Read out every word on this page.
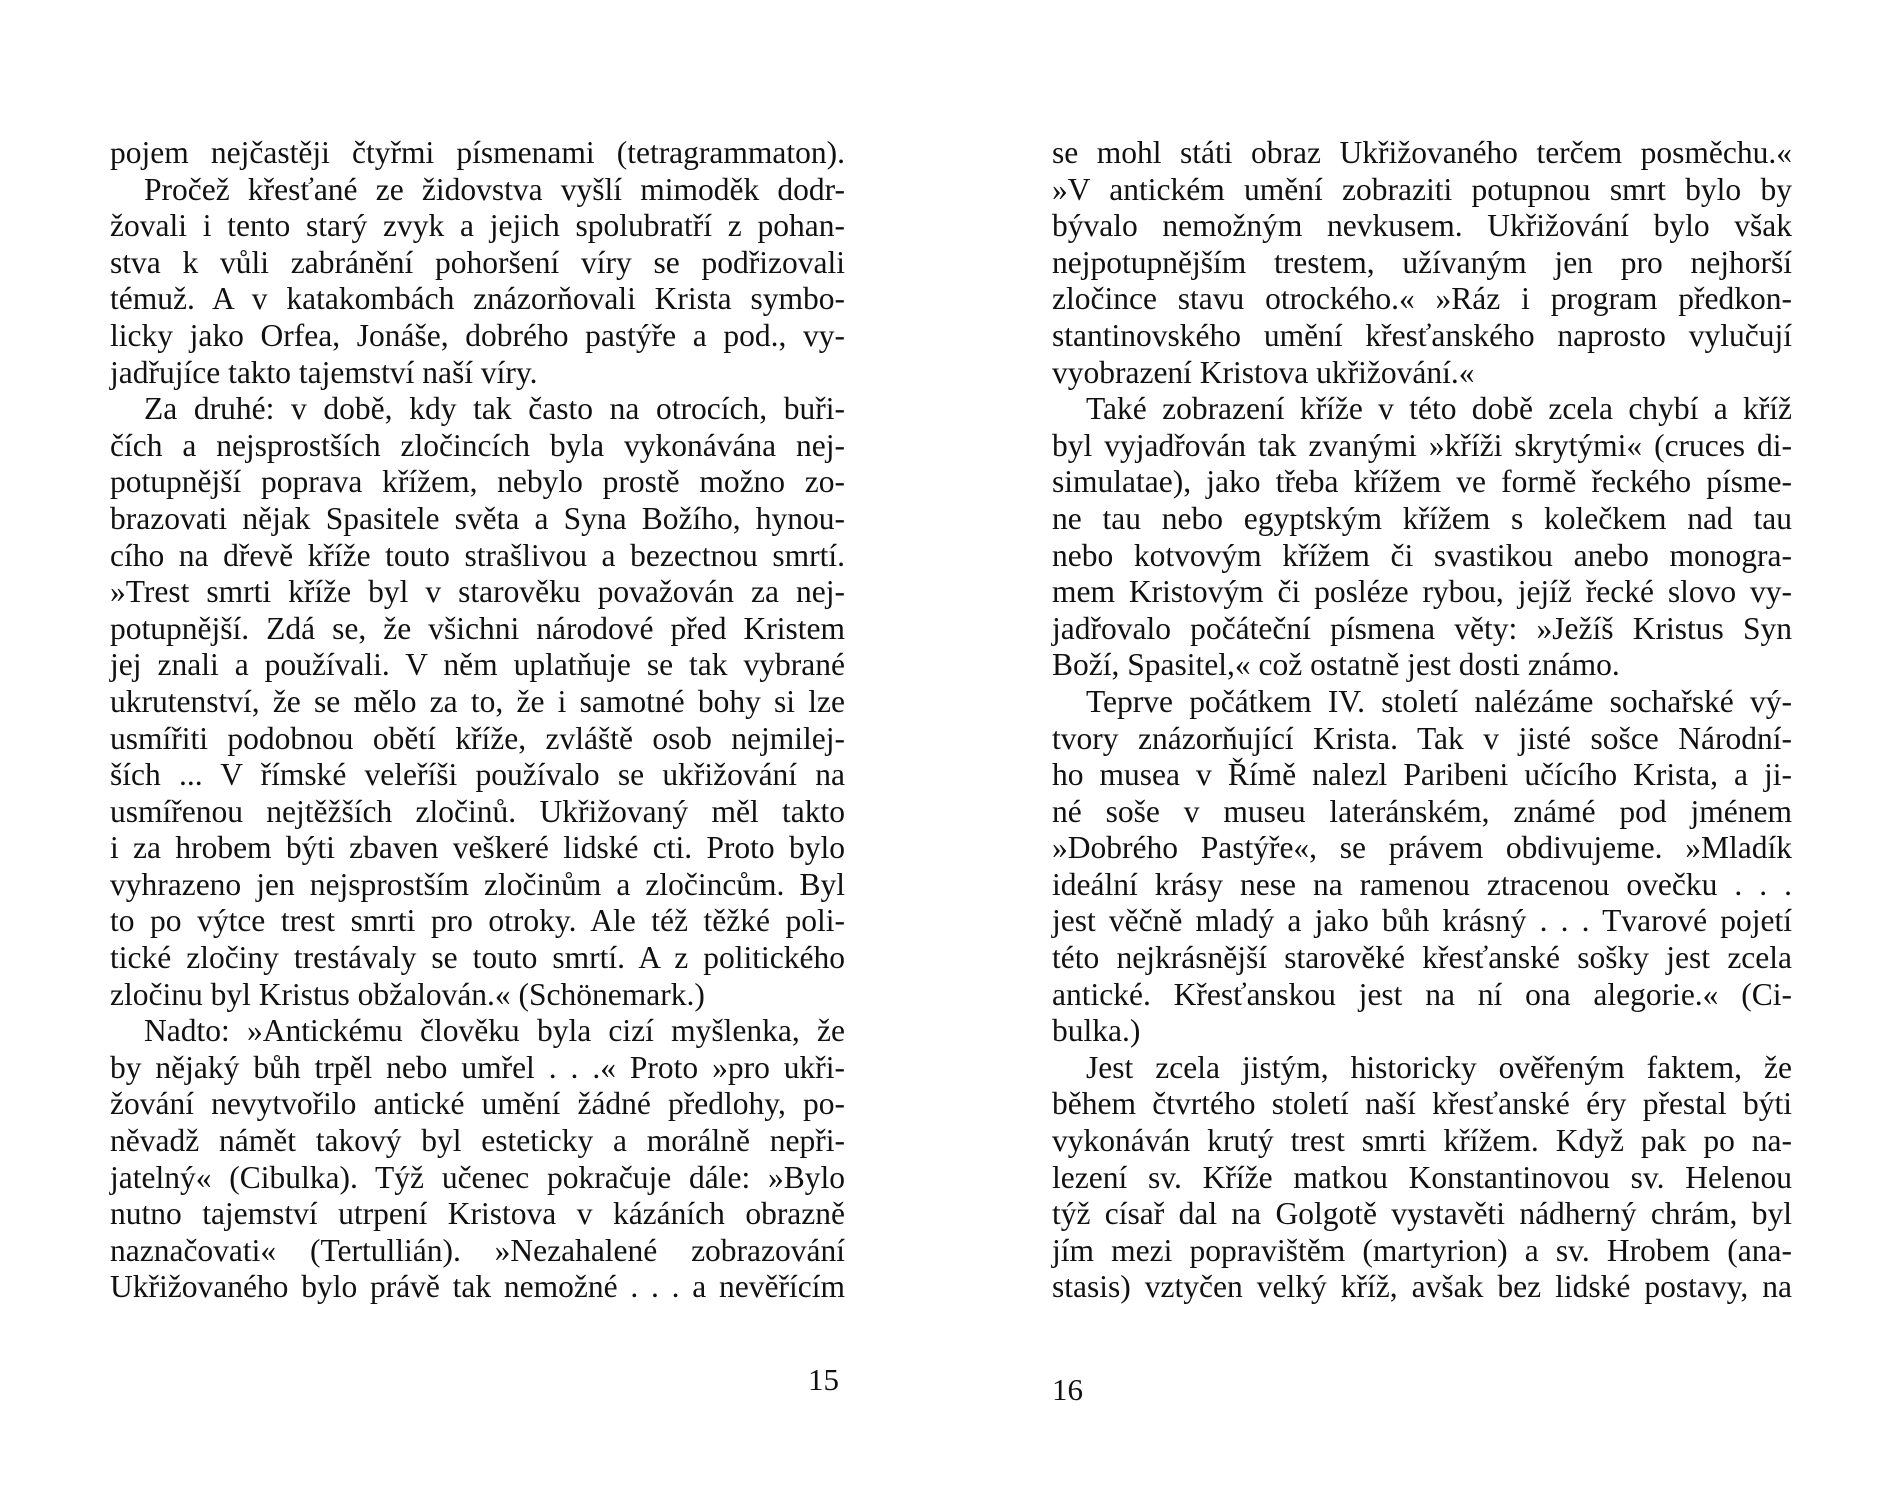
pojem nejčastěji čtyřmi písmenami (tetragrammaton).
Pročež křesťané ze židovstva vyšlí mimoděk dodr-
žovali i tento starý zvyk a jejich spolubratří z pohan-
stva k vůli zabránění pohoršení víry se podřizovali
témuž. A v katakombách znázorňovali Krista symbo-
licky jako Orfea, Jonáše, dobrého pastýře a pod., vy-
jadřujíce takto tajemství naší víry.
Za druhé: v době, kdy tak často na otrocích, buři-
čích a nejsprostších zločincích byla vykonávána nej-
potupnější poprava křížem, nebylo prostě možno zo-
brazovati nějak Spasitele světa a Syna Božího, hynou-
cího na dřevě kříže touto strašlivou a bezectnou smrtí.
»Trest smrti kříže byl v starověku považován za nej-
potupnější. Zdá se, že všichni národové před Kristem
jej znali a používali. V něm uplatňuje se tak vybrané
ukrutenství, že se mělo za to, že i samotné bohy si lze
usmířiti podobnou obětí kříže, zvláště osob nejmilej-
ších ... V římské veleříši používalo se ukřižování na
usmířenou nejtěžších zločinů. Ukřižovaný měl takto
i za hrobem býti zbaven veškeré lidské cti. Proto bylo
vyhrazeno jen nejsprostším zločinům a zločincům. Byl
to po výtce trest smrti pro otroky. Ale též těžké poli-
tické zločiny trestávaly se touto smrtí. A z politického
zločinu byl Kristus obžalován.« (Schönemark.)
Nadto: »Antickému člověku byla cizí myšlenka, že
by nějaký bůh trpěl nebo umřel . . .« Proto »pro ukři-
žování nevytvořilo antické umění žádné předlohy, po-
něvadž námět takový byl esteticky a morálně nepři-
jatelný« (Cibulka). Týž učenec pokračuje dále: »Bylo
nutno tajemství utrpení Kristova v kázáních obrazně
naznačovati« (Tertullián). »Nezahalené zobrazování
Ukřižovaného bylo právě tak nemožné . . . a nevěřícím
se mohl státi obraz Ukřižovaného terčem posměchu.«
»V antickém umění zobraziti potupnou smrt bylo by
bývalo nemožným nevkusem. Ukřižování bylo však
nejpotupnějším trestem, užívaným jen pro nejhorší
zločince stavu otrockého.« »Ráz i program předkon-
stantinovského umění křesťanského naprosto vylučují
vyobrazení Kristova ukřižování.«
Také zobrazení kříže v této době zcela chybí a kříž
byl vyjadřován tak zvanými »kříži skrytými« (cruces di-
simulatae), jako třeba křížem ve formě řeckého písme-
ne tau nebo egyptským křížem s kolečkem nad tau
nebo kotvovým křížem či svastikou anebo monogra-
mem Kristovým či posléze rybou, jejíž řecké slovo vy-
jadřovalo počáteční písmena věty: »Ježíš Kristus Syn
Boží, Spasitel,« což ostatně jest dosti známo.
Teprve počátkem IV. století nalézáme sochařské vý-
tvory znázorňující Krista. Tak v jisté sošce Národní-
ho musea v Římě nalezl Paribeni učícího Krista, a ji-
né soše v museu lateránském, známé pod jménem
»Dobrého Pastýře«, se právem obdivujeme. »Mladík
ideální krásy nese na ramenou ztracenou ovečku . . .
jest věčně mladý a jako bůh krásný . . . Tvarové pojetí
této nejkrásnější starověké křesťanské sošky jest zcela
antické. Křesťanskou jest na ní ona alegorie.« (Ci-
bulka.)
Jest zcela jistým, historicky ověřeným faktem, že
během čtvrtého století naší křesťanské éry přestal býti
vykonáván krutý trest smrti křížem. Když pak po na-
lezení sv. Kříže matkou Konstantinovou sv. Helenou
týž císař dal na Golgotě vystavěti nádherný chrám, byl
jím mezi popravištěm (martyrion) a sv. Hrobem (ana-
stasis) vztyčen velký kříž, avšak bez lidské postavy, na
15	16
